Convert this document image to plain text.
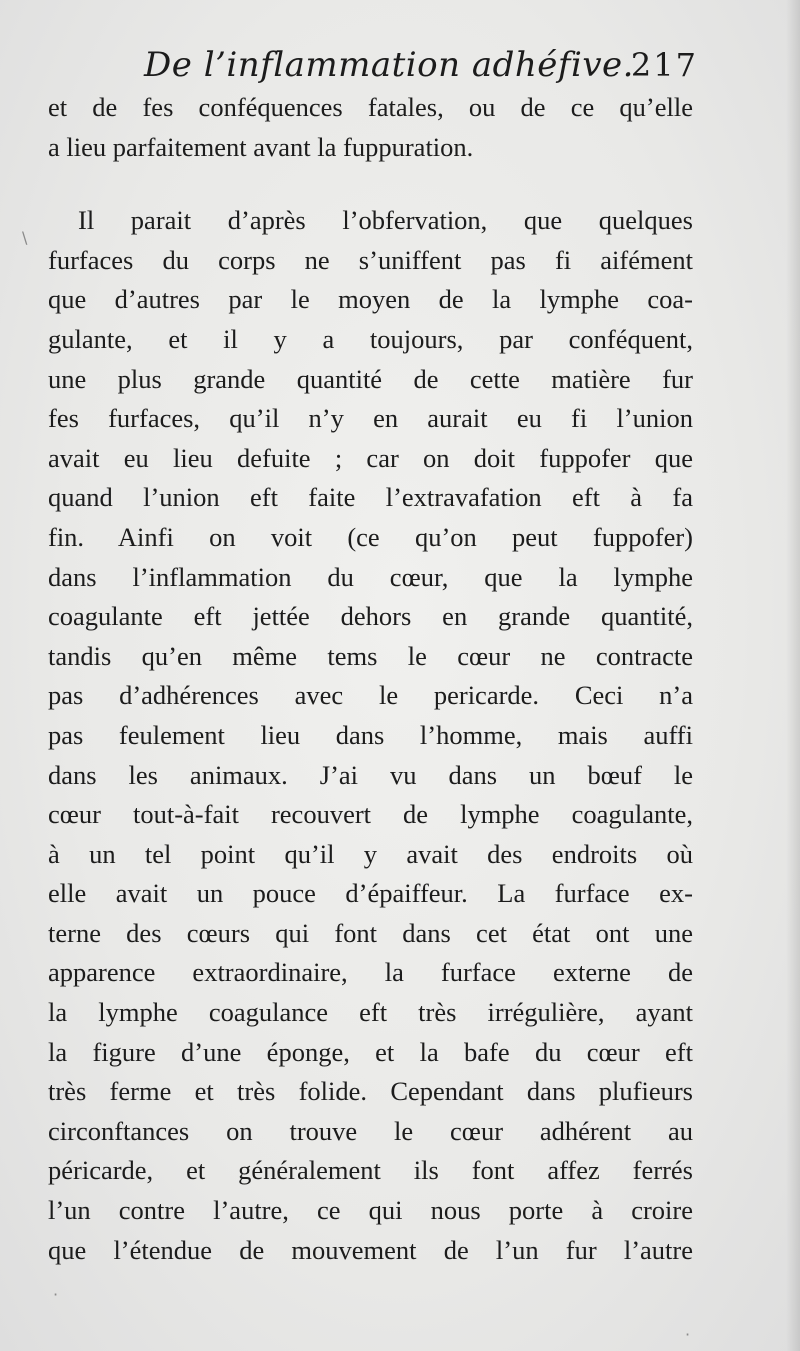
De l’inflammation adhéfive.
217
et de fes conféquences fatales, ou de ce qu’elle
a lieu parfaitement avant la fuppuration.
Il parait d’après l’obfervation, que quelques
furfaces du corps ne s’uniffent pas fi aifément
que d’autres par le moyen de la lymphe coa-
gulante, et il y a toujours, par conféquent,
une plus grande quantité de cette matière fur
fes furfaces, qu’il n’y en aurait eu fi l’union
avait eu lieu defuite ; car on doit fuppofer que
quand l’union eft faite l’extravafation eft à fa
fin. Ainfi on voit (ce qu’on peut fuppofer)
dans l’inflammation du cœur, que la lymphe
coagulante eft jettée dehors en grande quantité,
tandis qu’en même tems le cœur ne contracte
pas d’adhérences avec le pericarde. Ceci n’a
pas feulement lieu dans l’homme, mais auffi
dans les animaux. J’ai vu dans un bœuf le
cœur tout-à-fait recouvert de lymphe coagulante,
à un tel point qu’il y avait des endroits où
elle avait un pouce d’épaiffeur. La furface ex-
terne des cœurs qui font dans cet état ont une
apparence extraordinaire, la furface externe de
la lymphe coagulance eft très irrégulière, ayant
la figure d’une éponge, et la bafe du cœur eft
très ferme et très folide. Cependant dans plufieurs
circonftances on trouve le cœur adhérent au
péricarde, et généralement ils font affez ferrés
l’un contre l’autre, ce qui nous porte à croire
que l’étendue de mouvement de l’un fur l’autre
\
·
·
